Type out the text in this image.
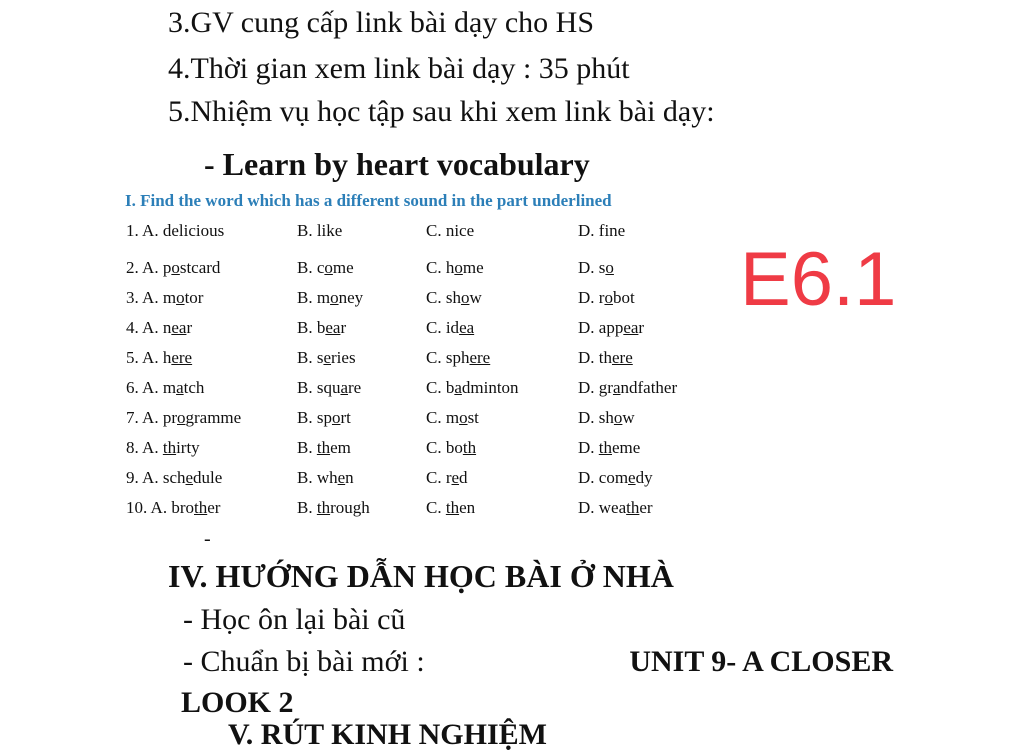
3.GV cung cấp link bài dạy cho HS
4.Thời gian xem link bài dạy : 35 phút
5.Nhiệm vụ học tập sau khi xem link bài dạy:
- Learn by heart vocabulary
I. Find the word which has a different sound in the part underlined
1. A. delicious	B. like	C. nice	D. fine
2. A. postcard	B. come	C. home	D. so
3. A. motor	B. money	C. show	D. robot
4. A. near	B. bear	C. idea	D. appear
5. A. here	B. series	C. sphere	D. there
6. A. match	B. square	C. badminton	D. grandfather
7. A. programme	B. sport	C. most	D. show
8. A. thirty	B. them	C. both	D. theme
9. A. schedule	B. when	C. red	D. comedy
10. A. brother	B. through	C. then	D. weather
E6.1
-
IV. HƯỚNG DẪN HỌC BÀI Ở NHÀ
- Học ôn lại bài cũ
- Chuẩn bị bài mới :	UNIT 9- A CLOSER
LOOK 2
V. RÚT KINH NGHIỆM
